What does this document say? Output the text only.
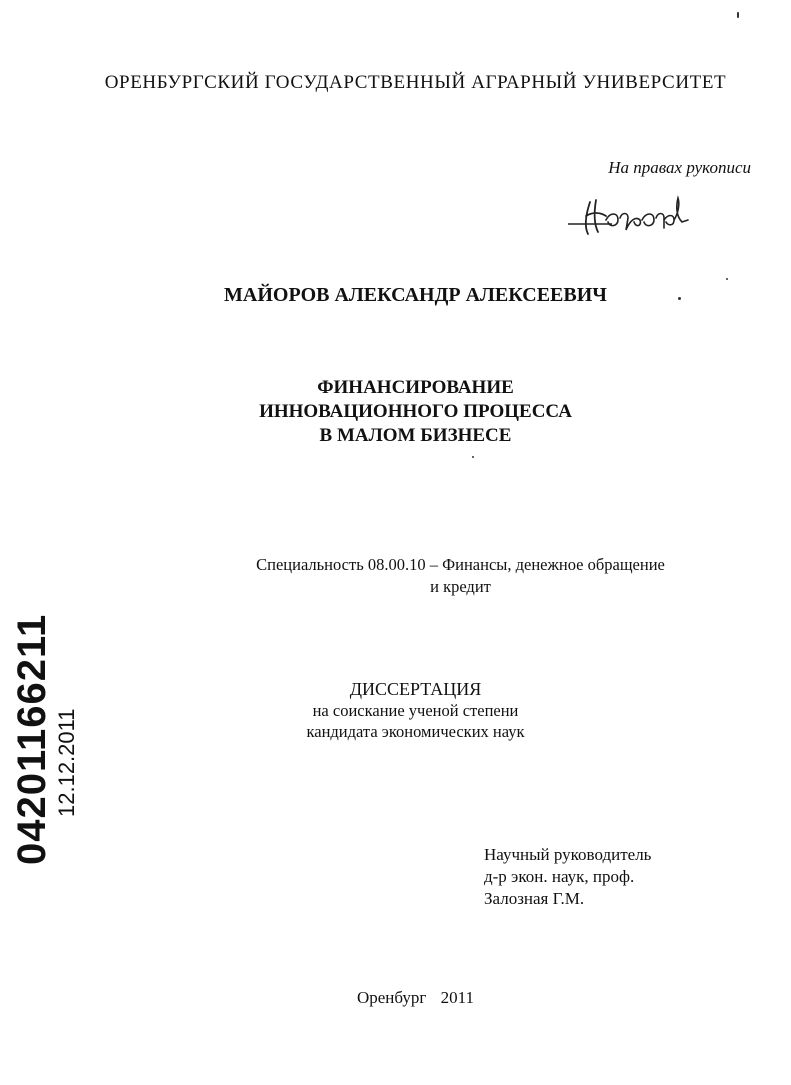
ОРЕНБУРГСКИЙ ГОСУДАРСТВЕННЫЙ АГРАРНЫЙ УНИВЕРСИТЕТ
На правах рукописи
МАЙОРОВ АЛЕКСАНДР АЛЕКСЕЕВИЧ
ФИНАНСИРОВАНИЕ
ИННОВАЦИОННОГО ПРОЦЕССА
В МАЛОМ БИЗНЕСЕ
Специальность 08.00.10 – Финансы, денежное обращение
и кредит
ДИССЕРТАЦИЯ
на соискание ученой степени
кандидата экономических наук
Научный руководитель
д-р экон. наук, проф.
Залозная Г.М.
Оренбург 2011
04201166211 12.12.2011
